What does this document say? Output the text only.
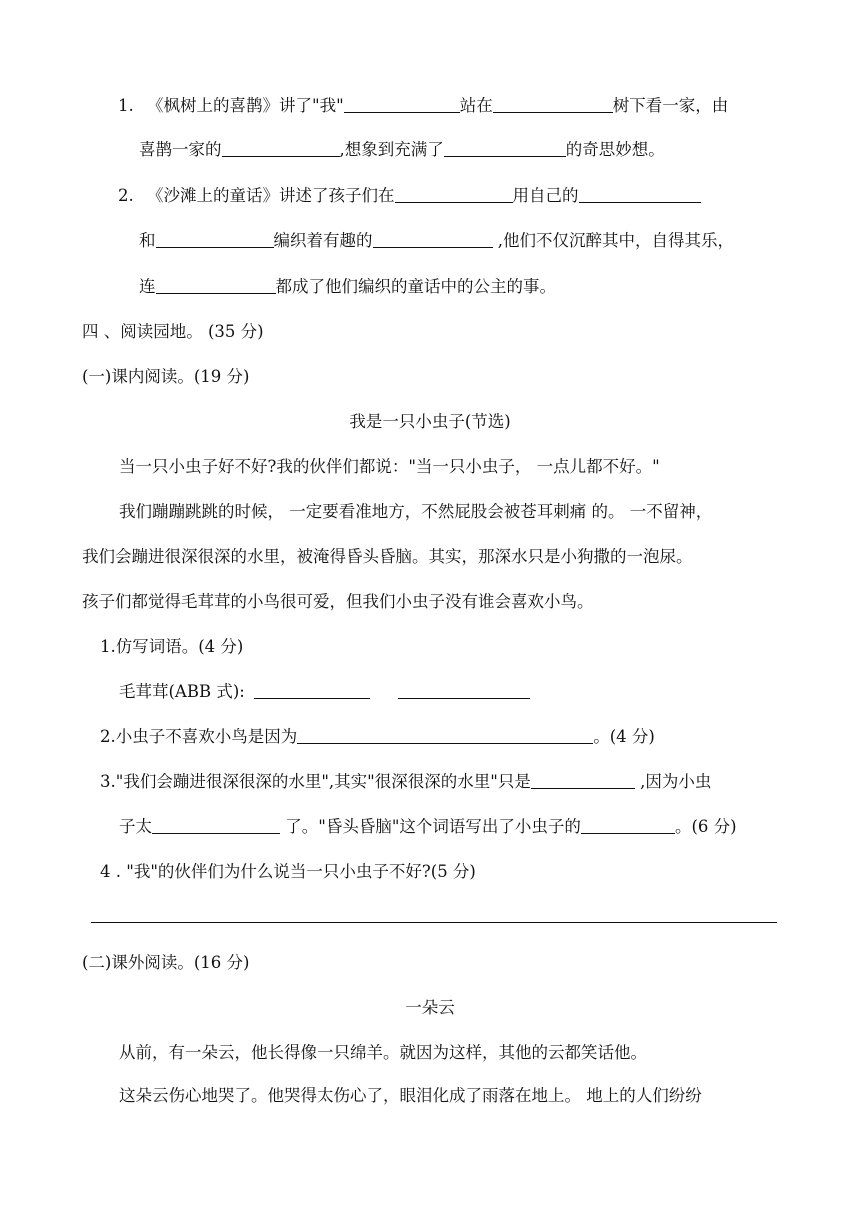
1. 《枫树上的喜鹊》讲了"我"	站在	树下看一家，由
喜鹊一家的	,想象到充满了	的奇思妙想。
2. 《沙滩上的童话》讲述了孩子们在	用自己的
和	编织着有趣的	,他们不仅沉醉其中，自得其乐，
连	都成了他们编织的童话中的公主的事。
四 、阅读园地。 (35 分)
(一)课内阅读。(19 分)
我是一只小虫子(节选)
当一只小虫子好不好?我的伙伴们都说："当一只小虫子， 一点儿都不好。"
我们蹦蹦跳跳的时候， 一定要看准地方，不然屁股会被苍耳刺痛 的。 一不留神，
我们会蹦进很深很深的水里，被淹得昏头昏脑。其实，那深水只是小狗撒的一泡尿。
孩子们都觉得毛茸茸的小鸟很可爱，但我们小虫子没有谁会喜欢小鸟。
1.仿写词语。(4 分)
毛茸茸(ABB 式):
2.小虫子不喜欢小鸟是因为	。(4 分)
3."我们会蹦进很深很深的水里",其实"很深很深的水里"只是	,因为小虫
子太	了。"昏头昏脑"这个词语写出了小虫子的	。(6 分)
4 . "我"的伙伴们为什么说当一只小虫子不好?(5 分)
(二)课外阅读。(16 分)
一朵云
从前，有一朵云，他长得像一只绵羊。就因为这样，其他的云都笑话他。
这朵云伤心地哭了。他哭得太伤心了，眼泪化成了雨落在地上。 地上的人们纷纷
